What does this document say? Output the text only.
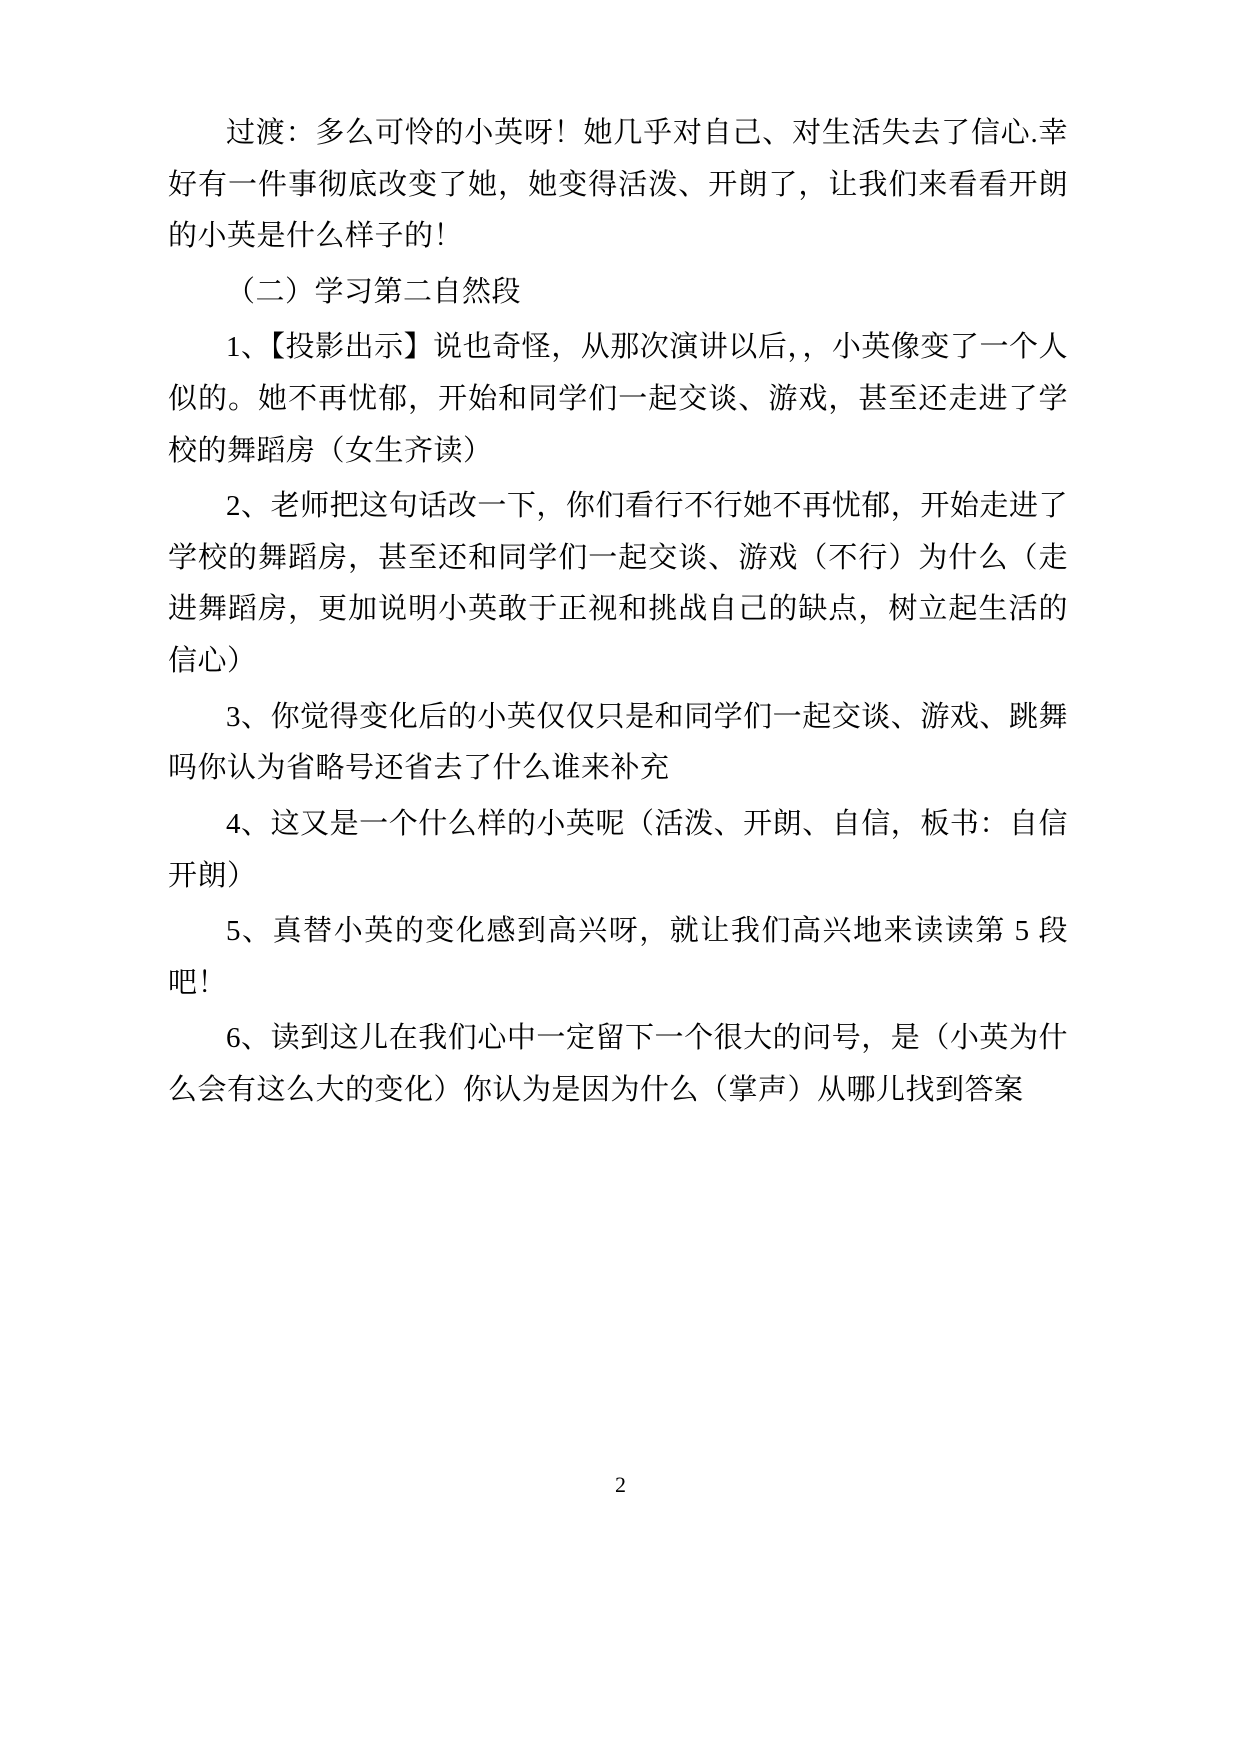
过渡：多么可怜的小英呀！她几乎对自己、对生活失去了信心.幸好有一件事彻底改变了她，她变得活泼、开朗了，让我们来看看开朗的小英是什么样子的！

（二）学习第二自然段

1、【投影出示】说也奇怪，从那次演讲以后，，小英像变了一个人似的。她不再忧郁，开始和同学们一起交谈、游戏，甚至还走进了学校的舞蹈房（女生齐读）

2、老师把这句话改一下，你们看行不行她不再忧郁，开始走进了学校的舞蹈房，甚至还和同学们一起交谈、游戏（不行）为什么（走进舞蹈房，更加说明小英敢于正视和挑战自己的缺点，树立起生活的信心）

3、你觉得变化后的小英仅仅只是和同学们一起交谈、游戏、跳舞吗你认为省略号还省去了什么谁来补充

4、这又是一个什么样的小英呢（活泼、开朗、自信，板书：自信开朗）

5、真替小英的变化感到高兴呀，就让我们高兴地来读读第 5 段吧！

6、读到这儿在我们心中一定留下一个很大的问号，是（小英为什么会有这么大的变化）你认为是因为什么（掌声）从哪儿找到答案

2
